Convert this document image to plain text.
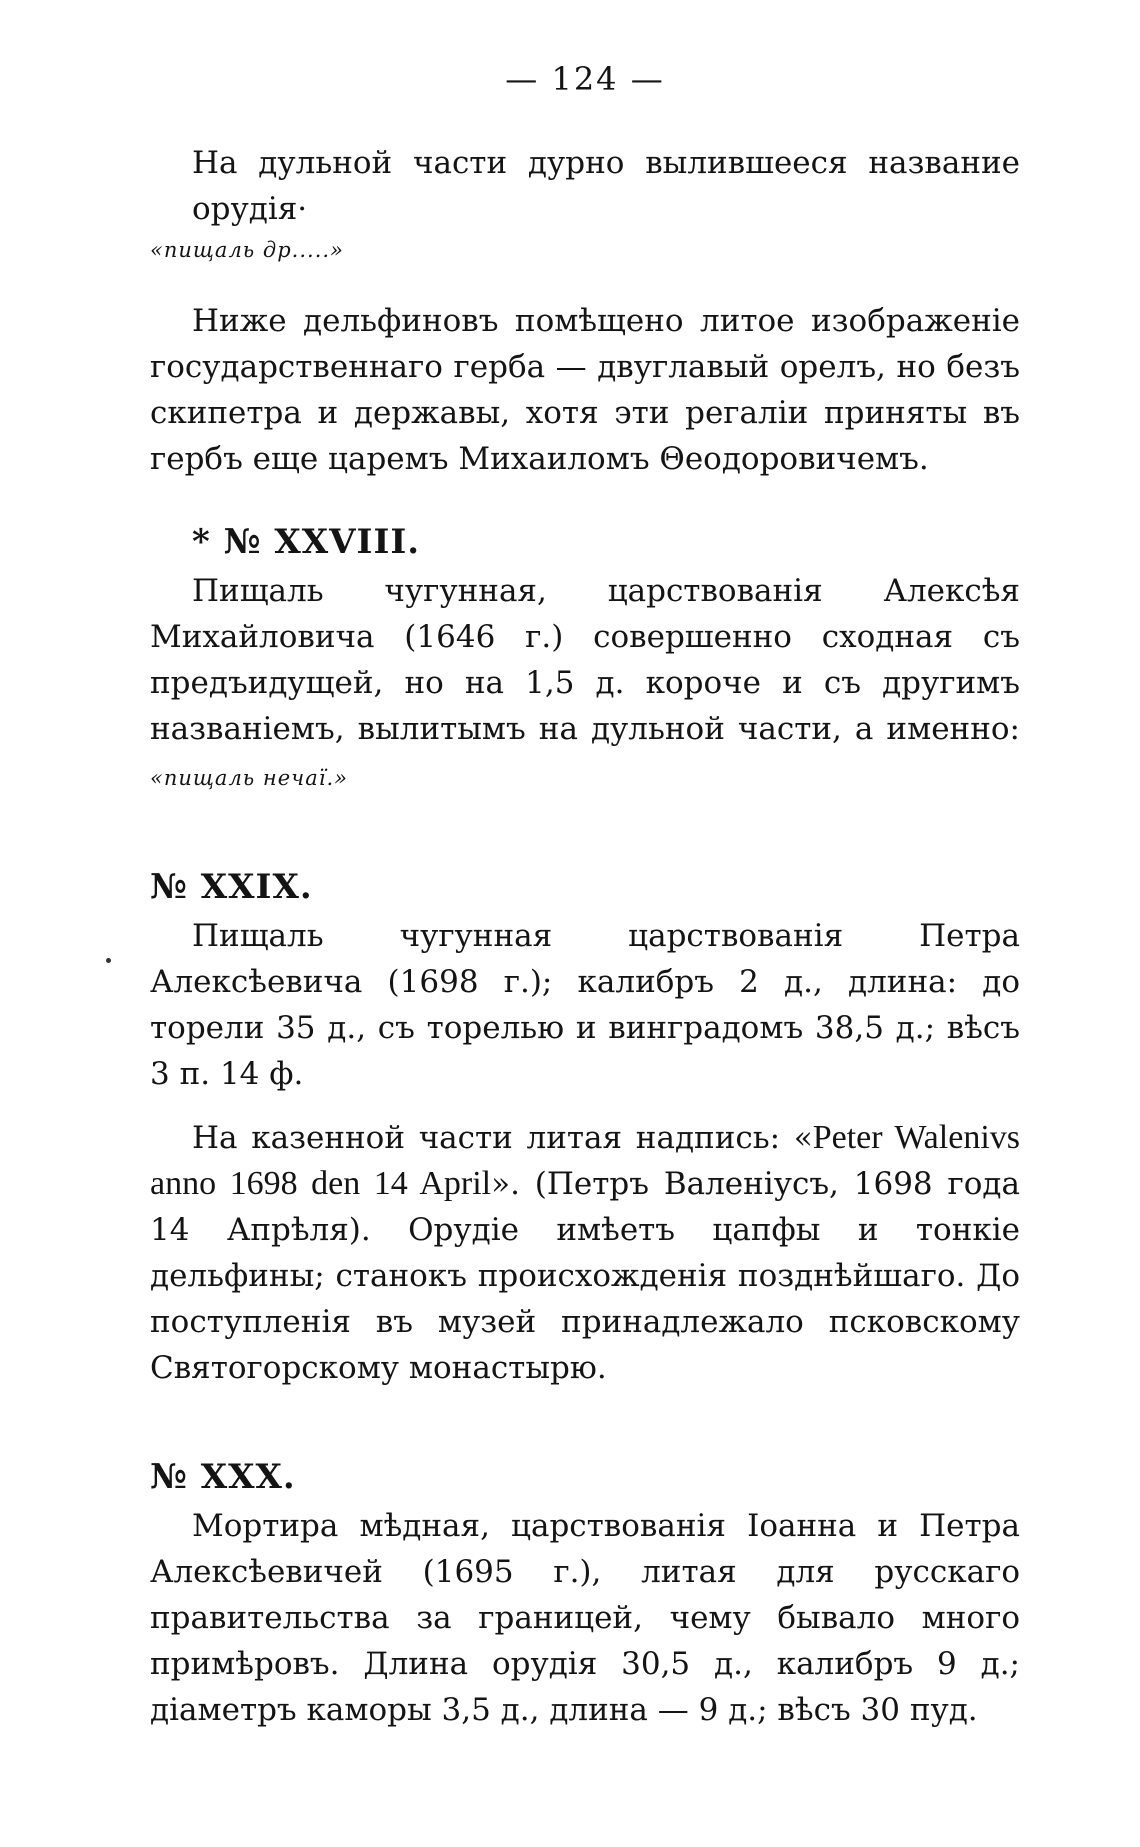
— 124 —

На дульной части дурно вылившееся название орудія·

«пищаль др.....»

Ниже дельфиновъ помѣщено литое изображеніе государственнаго герба — двуглавый орелъ, но безъ скипетра и державы, хотя эти регаліи приняты въ гербъ еще царемъ Михаиломъ Θеодоровичемъ.

* № XXVIII.

Пищаль чугунная, царствованія Алексѣя Михайловича (1646 г.) совершенно сходная съ предъидущей, но на 1,5 д. короче и съ другимъ названіемъ, вылитымъ на дульной части, а именно: «пищаль нечаї.»

№ XXIX.

Пищаль чугунная царствованія Петра Алексѣевича (1698 г.); калибръ 2 д., длина: до торели 35 д., съ торелью и винградомъ 38,5 д.; вѣсъ 3 п. 14 ф.

На казенной части литая надпись: «Peter Walenivs anno 1698 den 14 April». (Петръ Валеніусъ, 1698 года 14 Апрѣля). Орудіе имѣетъ цапфы и тонкіе дельфины; станокъ происхожденія позднѣйшаго. До поступленія въ музей принадлежало псковскому Святогорскому монастырю.

№ XXX.

Мортира мѣдная, царствованія Іоанна и Петра Алексѣевичей (1695 г.), литая для русскаго правительства за границей, чему бывало много примѣровъ. Длина орудія 30,5 д., калибръ 9 д.; діаметръ каморы 3,5 д., длина — 9 д.; вѣсъ 30 пуд.
